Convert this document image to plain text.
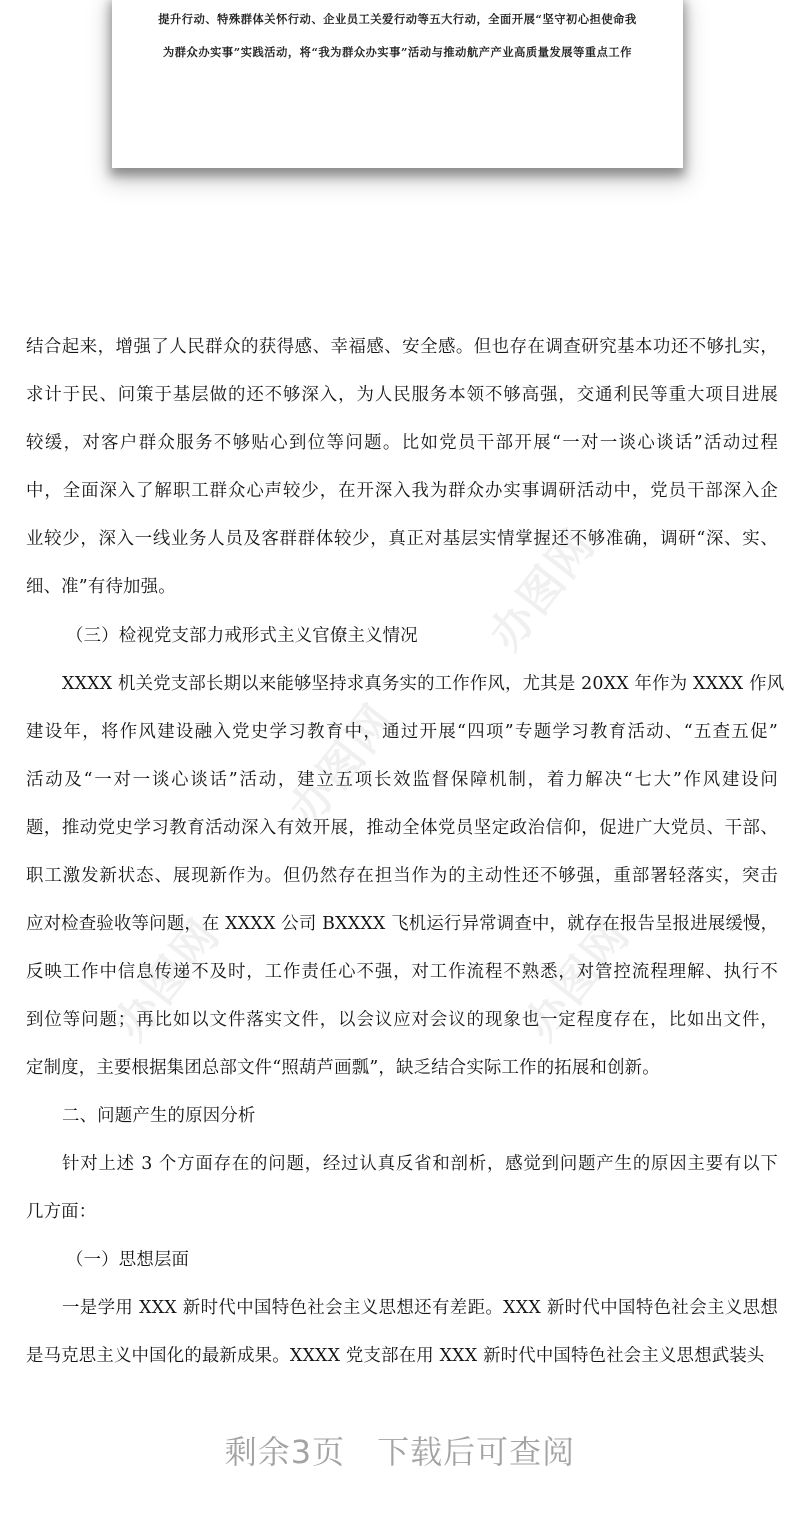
提升行动、特殊群体关怀行动、企业员工关爱行动等五大行动，全面开展“坚守初心担使命我
为群众办实事”实践活动，将“我为群众办实事”活动与推动航产产业高质量发展等重点工作
办图网
办图网
办图网	办图网
结合起来，增强了人民群众的获得感、幸福感、安全感。但也存在调查研究基本功还不够扎实，
求计于民、问策于基层做的还不够深入，为人民服务本领不够高强，交通利民等重大项目进展
较缓，对客户群众服务不够贴心到位等问题。比如党员干部开展“一对一谈心谈话”活动过程
中，全面深入了解职工群众心声较少，在开深入我为群众办实事调研活动中，党员干部深入企
业较少，深入一线业务人员及客群群体较少，真正对基层实情掌握还不够准确，调研“深、实、
细、准”有待加强。
（三）检视党支部力戒形式主义官僚主义情况
XXXX 机关党支部长期以来能够坚持求真务实的工作作风，尤其是 20XX 年作为 XXXX 作风
建设年，将作风建设融入党史学习教育中，通过开展“四项”专题学习教育活动、“五查五促”
活动及“一对一谈心谈话”活动，建立五项长效监督保障机制，着力解决“七大”作风建设问
题，推动党史学习教育活动深入有效开展，推动全体党员坚定政治信仰，促进广大党员、干部、
职工激发新状态、展现新作为。但仍然存在担当作为的主动性还不够强，重部署轻落实，突击
应对检查验收等问题，在 XXXX 公司 BXXXX 飞机运行异常调查中，就存在报告呈报进展缓慢，
反映工作中信息传递不及时，工作责任心不强，对工作流程不熟悉，对管控流程理解、执行不
到位等问题；再比如以文件落实文件，以会议应对会议的现象也一定程度存在，比如出文件，
定制度，主要根据集团总部文件“照葫芦画瓢”，缺乏结合实际工作的拓展和创新。
二、问题产生的原因分析
针对上述 3 个方面存在的问题，经过认真反省和剖析，感觉到问题产生的原因主要有以下
几方面：
（一）思想层面
一是学用 XXX 新时代中国特色社会主义思想还有差距。XXX 新时代中国特色社会主义思想
是马克思主义中国化的最新成果。XXXX 党支部在用 XXX 新时代中国特色社会主义思想武装头
剩余3页 下载后可查阅
